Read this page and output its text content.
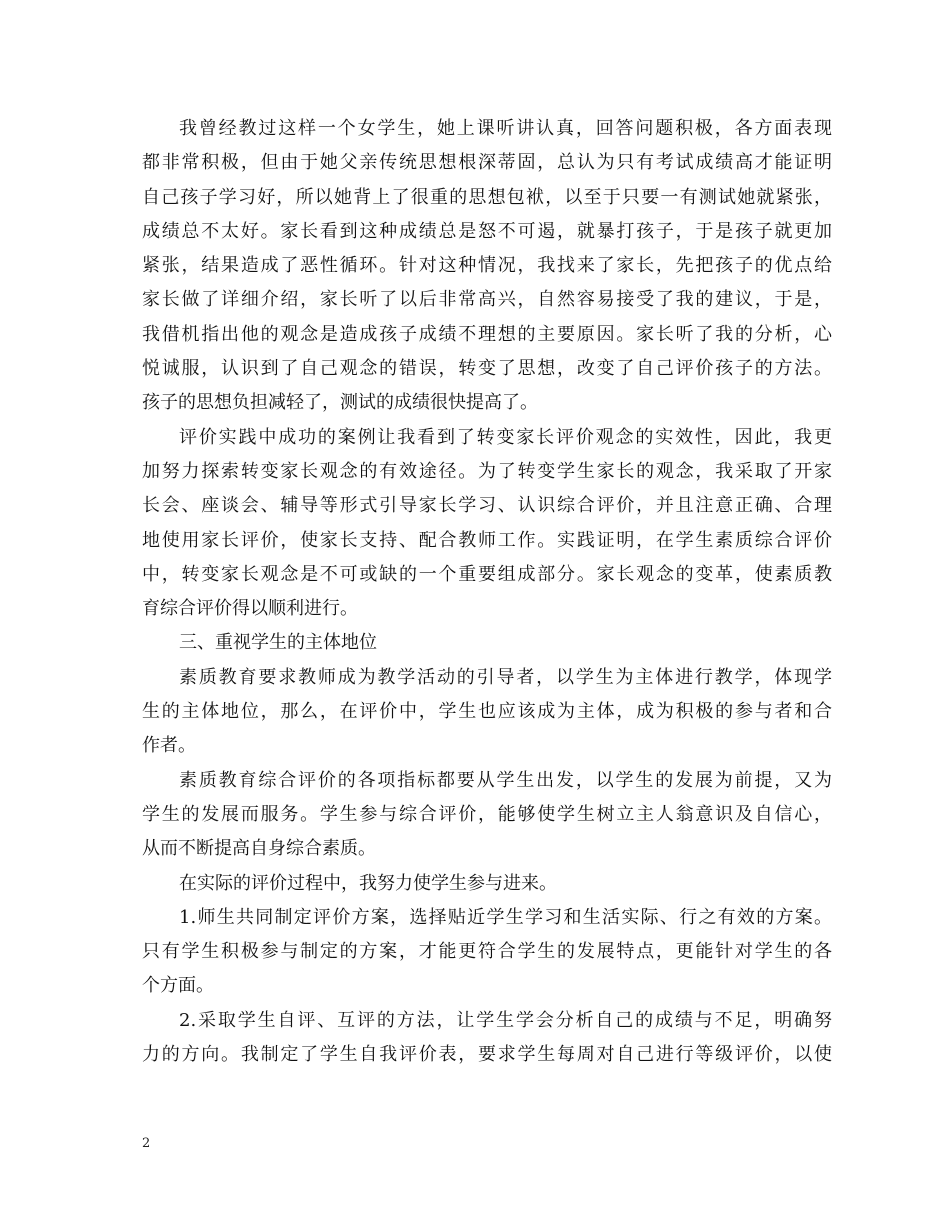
我曾经教过这样一个女学生，她上课听讲认真，回答问题积极，各方面表现
都非常积极，但由于她父亲传统思想根深蒂固，总认为只有考试成绩高才能证明
自己孩子学习好，所以她背上了很重的思想包袱，以至于只要一有测试她就紧张，
成绩总不太好。家长看到这种成绩总是怒不可遏，就暴打孩子，于是孩子就更加
紧张，结果造成了恶性循环。针对这种情况，我找来了家长，先把孩子的优点给
家长做了详细介绍，家长听了以后非常高兴，自然容易接受了我的建议，于是，
我借机指出他的观念是造成孩子成绩不理想的主要原因。家长听了我的分析，心
悦诚服，认识到了自己观念的错误，转变了思想，改变了自己评价孩子的方法。
孩子的思想负担减轻了，测试的成绩很快提高了。
评价实践中成功的案例让我看到了转变家长评价观念的实效性，因此，我更
加努力探索转变家长观念的有效途径。为了转变学生家长的观念，我采取了开家
长会、座谈会、辅导等形式引导家长学习、认识综合评价，并且注意正确、合理
地使用家长评价，使家长支持、配合教师工作。实践证明，在学生素质综合评价
中，转变家长观念是不可或缺的一个重要组成部分。家长观念的变革，使素质教
育综合评价得以顺利进行。
三、重视学生的主体地位
素质教育要求教师成为教学活动的引导者，以学生为主体进行教学，体现学
生的主体地位，那么，在评价中，学生也应该成为主体，成为积极的参与者和合
作者。
素质教育综合评价的各项指标都要从学生出发，以学生的发展为前提，又为
学生的发展而服务。学生参与综合评价，能够使学生树立主人翁意识及自信心，
从而不断提高自身综合素质。
在实际的评价过程中，我努力使学生参与进来。
1.师生共同制定评价方案，选择贴近学生学习和生活实际、行之有效的方案。
只有学生积极参与制定的方案，才能更符合学生的发展特点，更能针对学生的各
个方面。
2.采取学生自评、互评的方法，让学生学会分析自己的成绩与不足，明确努
力的方向。我制定了学生自我评价表，要求学生每周对自己进行等级评价，以使
2
